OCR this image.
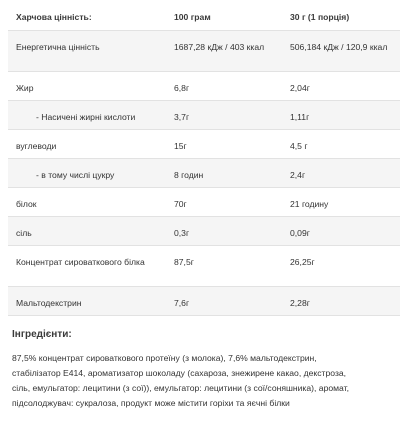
Харчова цінність:	100 грам	30 г (1 порція)
Енергетична цінність	1687,28 кДж / 403 ккал	506,184 кДж / 120,9 ккал
Жир	6,8г	2,04г
- Насичені жирні кислоти	3,7г	1,11г
вуглеводи	15г	4,5 г
- в тому числі цукру	8 годин	2,4г
білок	70г	21 годину
сіль	0,3г	0,09г
Концентрат сироваткового білка	87,5г	26,25г
Мальтодекстрин	7,6г	2,28г
Інгредієнти:

87,5% концентрат сироваткового протеїну (з молока), 7,6% мальтодекстрин,
стабілізатор Е414, ароматизатор шоколаду (сахароза, знежирене какао, декстроза,
сіль, емульгатор: лецитини (з сої)), емульгатор: лецитини (з сої/соняшника), аромат,
підсолоджувач: сукралоза, продукт може містити горіхи та яєчні білки
